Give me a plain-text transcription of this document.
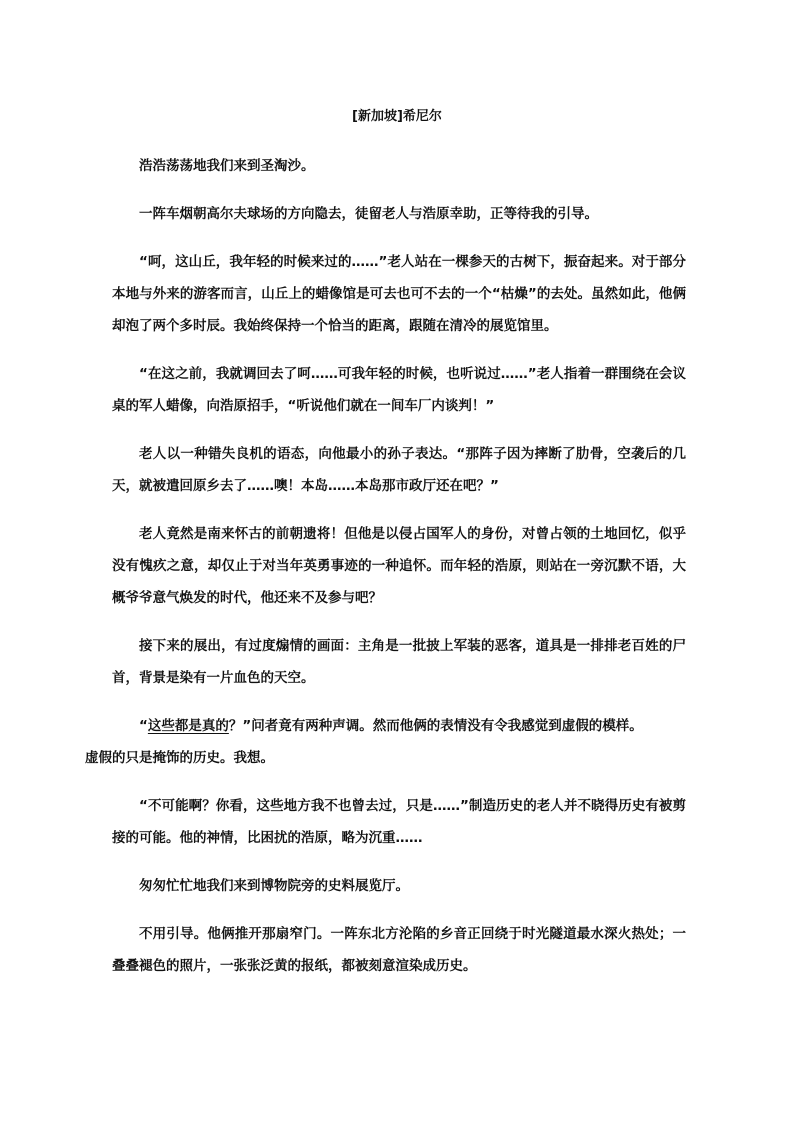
[新加坡]希尼尔

浩浩荡荡地我们来到圣淘沙。

一阵车烟朝高尔夫球场的方向隐去，徒留老人与浩原幸助，正等待我的引导。

“呵，这山丘，我年轻的时候来过的……”老人站在一棵参天的古树下，振奋起来。对于部分本地与外来的游客而言，山丘上的蜡像馆是可去也可不去的一个“枯燥”的去处。虽然如此，他俩却泡了两个多时辰。我始终保持一个恰当的距离，跟随在清冷的展览馆里。

“在这之前，我就调回去了呵……可我年轻的时候，也听说过……”老人指着一群围绕在会议桌的军人蜡像，向浩原招手，“听说他们就在一间车厂内谈判！”

老人以一种错失良机的语态，向他最小的孙子表达。“那阵子因为摔断了肋骨，空袭后的几天，就被遣回原乡去了……噢！本岛……本岛那市政厅还在吧？”

老人竟然是南来怀古的前朝遗将！但他是以侵占国军人的身份，对曾占领的土地回忆，似乎没有愧疚之意，却仅止于对当年英勇事迹的一种追怀。而年轻的浩原，则站在一旁沉默不语，大概爷爷意气焕发的时代，他还来不及参与吧？

接下来的展出，有过度煽情的画面：主角是一批披上军装的恶客，道具是一排排老百姓的尸首，背景是染有一片血色的天空。

“这些都是真的？”问者竟有两种声调。然而他俩的表情没有令我感觉到虚假的模样。
虚假的只是掩饰的历史。我想。

“不可能啊？你看，这些地方我不也曾去过，只是……”制造历史的老人并不晓得历史有被剪接的可能。他的神情，比困扰的浩原，略为沉重……

匆匆忙忙地我们来到博物院旁的史料展览厅。

不用引导。他俩推开那扇窄门。一阵东北方沦陷的乡音正回绕于时光隧道最水深火热处；一叠叠褪色的照片，一张张泛黄的报纸，都被刻意渲染成历史。
